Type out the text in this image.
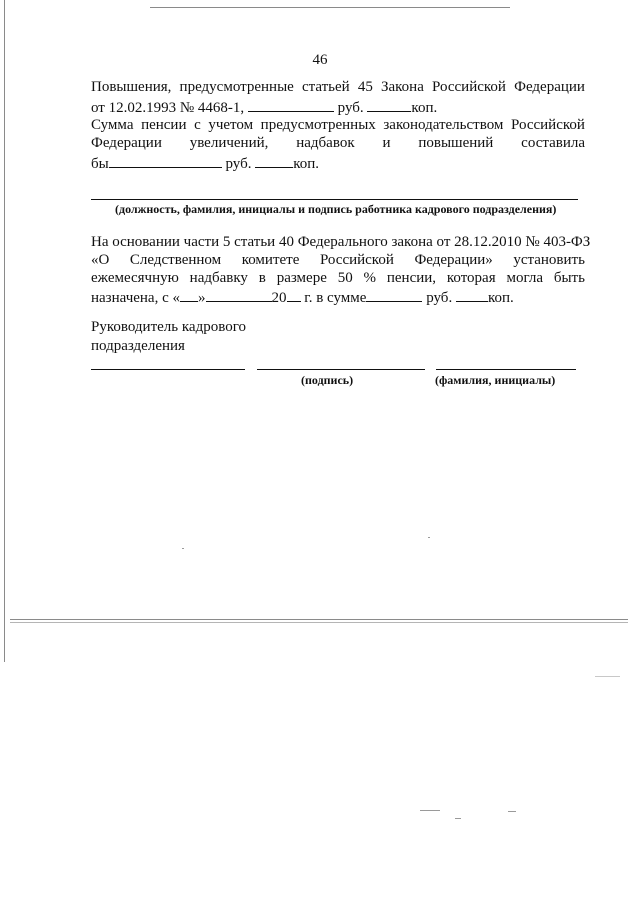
46
Повышения, предусмотренные статьей 45 Закона Российской Федерации
от 12.02.1993 № 4468-1,	руб.	коп.
Сумма пенсии с учетом предусмотренных законодательством Российской
Федерации увеличений, надбавок и повышений составила
бы	руб.	коп.
(должность, фамилия, инициалы и подпись работника кадрового подразделения)
На основании части 5 статьи 40 Федерального закона от 28.12.2010 № 403-ФЗ
«О Следственном комитете Российской Федерации» установить
ежемесячную надбавку в размере 50 % пенсии, которая могла быть
назначена, с « »	20 г. в сумме	руб. коп.
Руководитель кадрового
подразделения
(подпись)	(фамилия, инициалы)
